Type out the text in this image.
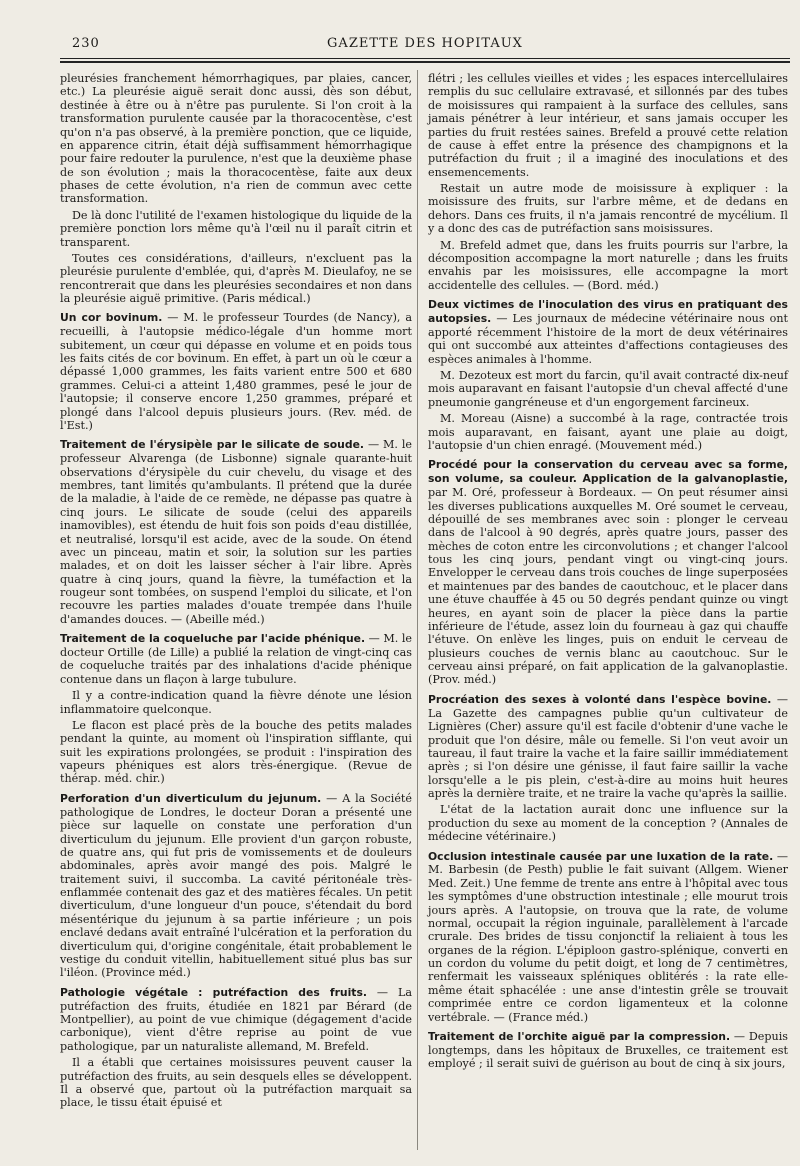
230	GAZETTE DES HOPITAUX

pleurésies franchement hémorrhagiques, par plaies, cancer, etc.) La pleurésie aiguë serait donc aussi, dès son début, destinée à être ou à n'être pas purulente. Si l'on croit à la transformation purulente causée par la thoracocentèse, c'est qu'on n'a pas observé, à la première ponction, que ce liquide, en apparence citrin, était déjà suffisamment hémorrhagique pour faire redouter la purulence, n'est que la deuxième phase de son évolution ; mais la thoracocentèse, faite aux deux phases de cette évolution, n'a rien de commun avec cette transformation.

De là donc l'utilité de l'examen histologique du liquide de la première ponction lors même qu'à l'œil nu il paraît citrin et transparent.

Toutes ces considérations, d'ailleurs, n'excluent pas la pleurésie purulente d'emblée, qui, d'après M. Dieulafoy, ne se rencontrerait que dans les pleurésies secondaires et non dans la pleurésie aiguë primitive. (Paris médical.)

Un cor bovinum. — M. le professeur Tourdes (de Nancy), a recueilli, à l'autopsie médico-légale d'un homme mort subitement, un cœur qui dépasse en volume et en poids tous les faits cités de cor bovinum. En effet, à part un où le cœur a dépassé 1,000 grammes, les faits varient entre 500 et 680 grammes. Celui-ci a atteint 1,480 grammes, pesé le jour de l'autopsie; il conserve encore 1,250 grammes, préparé et plongé dans l'alcool depuis plusieurs jours. (Rev. méd. de l'Est.)

Traitement de l'érysipèle par le silicate de soude. — M. le professeur Alvarenga (de Lisbonne) signale quarante-huit observations d'érysipèle du cuir chevelu, du visage et des membres, tant limités qu'ambulants. Il prétend que la durée de la maladie, à l'aide de ce remède, ne dépasse pas quatre à cinq jours. Le silicate de soude (celui des appareils inamovibles), est étendu de huit fois son poids d'eau distillée, et neutralisé, lorsqu'il est acide, avec de la soude. On étend avec un pinceau, matin et soir, la solution sur les parties malades, et on doit les laisser sécher à l'air libre. Après quatre à cinq jours, quand la fièvre, la tuméfaction et la rougeur sont tombées, on suspend l'emploi du silicate, et l'on recouvre les parties malades d'ouate trempée dans l'huile d'amandes douces. — (Abeille méd.)

Traitement de la coqueluche par l'acide phénique. — M. le docteur Ortille (de Lille) a publié la relation de vingt-cinq cas de coqueluche traités par des inhalations d'acide phénique contenue dans un flaçon à large tubulure.

Il y a contre-indication quand la fièvre dénote une lésion inflammatoire quelconque.

Le flacon est placé près de la bouche des petits malades pendant la quinte, au moment où l'inspiration sifflante, qui suit les expirations prolongées, se produit : l'inspiration des vapeurs phéniques est alors très-énergique. (Revue de thérap. méd. chir.)

Perforation d'un diverticulum du jejunum. — A la Société pathologique de Londres, le docteur Doran a présenté une pièce sur laquelle on constate une perforation d'un diverticulum du jejunum. Elle provient d'un garçon robuste, de quatre ans, qui fut pris de vomissements et de douleurs abdominales, après avoir mangé des pois. Malgré le traitement suivi, il succomba. La cavité péritonéale très-enflammée contenait des gaz et des matières fécales. Un petit diverticulum, d'une longueur d'un pouce, s'étendait du bord mésentérique du jejunum à sa partie inférieure ; un pois enclavé dedans avait entraîné l'ulcération et la perforation du diverticulum qui, d'origine congénitale, était probablement le vestige du conduit vitellin, habituellement situé plus bas sur l'iléon. (Province méd.)

Pathologie végétale : putréfaction des fruits. — La putréfaction des fruits, étudiée en 1821 par Bérard (de Montpellier), au point de vue chimique (dégagement d'acide carbonique), vient d'être reprise au point de vue pathologique, par un naturaliste allemand, M. Brefeld.

Il a établi que certaines moisissures peuvent causer la putréfaction des fruits, au sein desquels elles se développent. Il a observé que, partout où la putréfaction marquait sa place, le tissu était épuisé et

flétri ; les cellules vieilles et vides ; les espaces intercellulaires remplis du suc cellulaire extravasé, et sillonnés par des tubes de moisissures qui rampaient à la surface des cellules, sans jamais pénétrer à leur intérieur, et sans jamais occuper les parties du fruit restées saines. Brefeld a prouvé cette relation de cause à effet entre la présence des champignons et la putréfaction du fruit ; il a imaginé des inoculations et des ensemencements.

Restait un autre mode de moisissure à expliquer : la moisissure des fruits, sur l'arbre même, et de dedans en dehors. Dans ces fruits, il n'a jamais rencontré de mycélium. Il y a donc des cas de putréfaction sans moisissures.

M. Brefeld admet que, dans les fruits pourris sur l'arbre, la décomposition accompagne la mort naturelle ; dans les fruits envahis par les moisissures, elle accompagne la mort accidentelle des cellules. — (Bord. méd.)

Deux victimes de l'inoculation des virus en pratiquant des autopsies. — Les journaux de médecine vétérinaire nous ont apporté récemment l'histoire de la mort de deux vétérinaires qui ont succombé aux atteintes d'affections contagieuses des espèces animales à l'homme.

M. Dezoteux est mort du farcin, qu'il avait contracté dix-neuf mois auparavant en faisant l'autopsie d'un cheval affecté d'une pneumonie gangréneuse et d'un engorgement farcineux.

M. Moreau (Aisne) a succombé à la rage, contractée trois mois auparavant, en faisant, ayant une plaie au doigt, l'autopsie d'un chien enragé. (Mouvement méd.)

Procédé pour la conservation du cerveau avec sa forme, son volume, sa couleur. Application de la galvanoplastie, par M. Oré, professeur à Bordeaux. — On peut résumer ainsi les diverses publications auxquelles M. Oré soumet le cerveau, dépouillé de ses membranes avec soin : plonger le cerveau dans de l'alcool à 90 degrés, après quatre jours, passer des mèches de coton entre les circonvolutions ; et changer l'alcool tous les cinq jours, pendant vingt ou vingt-cinq jours. Envelopper le cerveau dans trois couches de linge superposées et maintenues par des bandes de caoutchouc, et le placer dans une étuve chauffée à 45 ou 50 degrés pendant quinze ou vingt heures, en ayant soin de placer la pièce dans la partie inférieure de l'étude, assez loin du fourneau à gaz qui chauffe l'étuve. On enlève les linges, puis on enduit le cerveau de plusieurs couches de vernis blanc au caoutchouc. Sur le cerveau ainsi préparé, on fait application de la galvanoplastie. (Prov. méd.)

Procréation des sexes à volonté dans l'espèce bovine. — La Gazette des campagnes publie qu'un cultivateur de Lignières (Cher) assure qu'il est facile d'obtenir d'une vache le produit que l'on désire, mâle ou femelle. Si l'on veut avoir un taureau, il faut traire la vache et la faire saillir immédiatement après ; si l'on désire une génisse, il faut faire saillir la vache lorsqu'elle a le pis plein, c'est-à-dire au moins huit heures après la dernière traite, et ne traire la vache qu'après la saillie.

L'état de la lactation aurait donc une influence sur la production du sexe au moment de la conception ? (Annales de médecine vétérinaire.)

Occlusion intestinale causée par une luxation de la rate. — M. Barbesin (de Pesth) publie le fait suivant (Allgem. Wiener Med. Zeit.) Une femme de trente ans entre à l'hôpital avec tous les symptômes d'une obstruction intestinale ; elle mourut trois jours après. A l'autopsie, on trouva que la rate, de volume normal, occupait la région inguinale, parallèlement à l'arcade crurale. Des brides de tissu conjonctif la reliaient à tous les organes de la région. L'épiploon gastro-splénique, converti en un cordon du volume du petit doigt, et long de 7 centimètres, renfermait les vaisseaux spléniques oblitérés : la rate elle-même était sphacélée : une anse d'intestin grêle se trouvait comprimée entre ce cordon ligamenteux et la colonne vertébrale. — (France méd.)

Traitement de l'orchite aiguë par la compression. — Depuis longtemps, dans les hôpitaux de Bruxelles, ce traitement est employé ; il serait suivi de guérison au bout de cinq à six jours,
